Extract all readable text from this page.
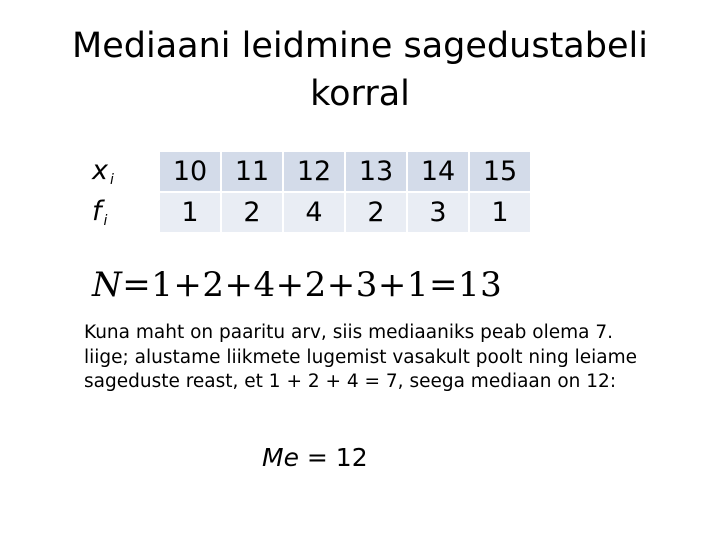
Mediaani leidmine sagedustabeli korral
x $_i$	10	11	12	13	14	15
f $_i$	1	2	4	2	3	1
N=1+2+4+2+3+1=13

Kuna maht on paaritu arv, siis mediaaniks peab olema 7. liige; alustame liikmete lugemist vasakult poolt ning leiame sageduste reast, et 1 + 2 + 4 = 7, seega mediaan on 12:

Me = 12
